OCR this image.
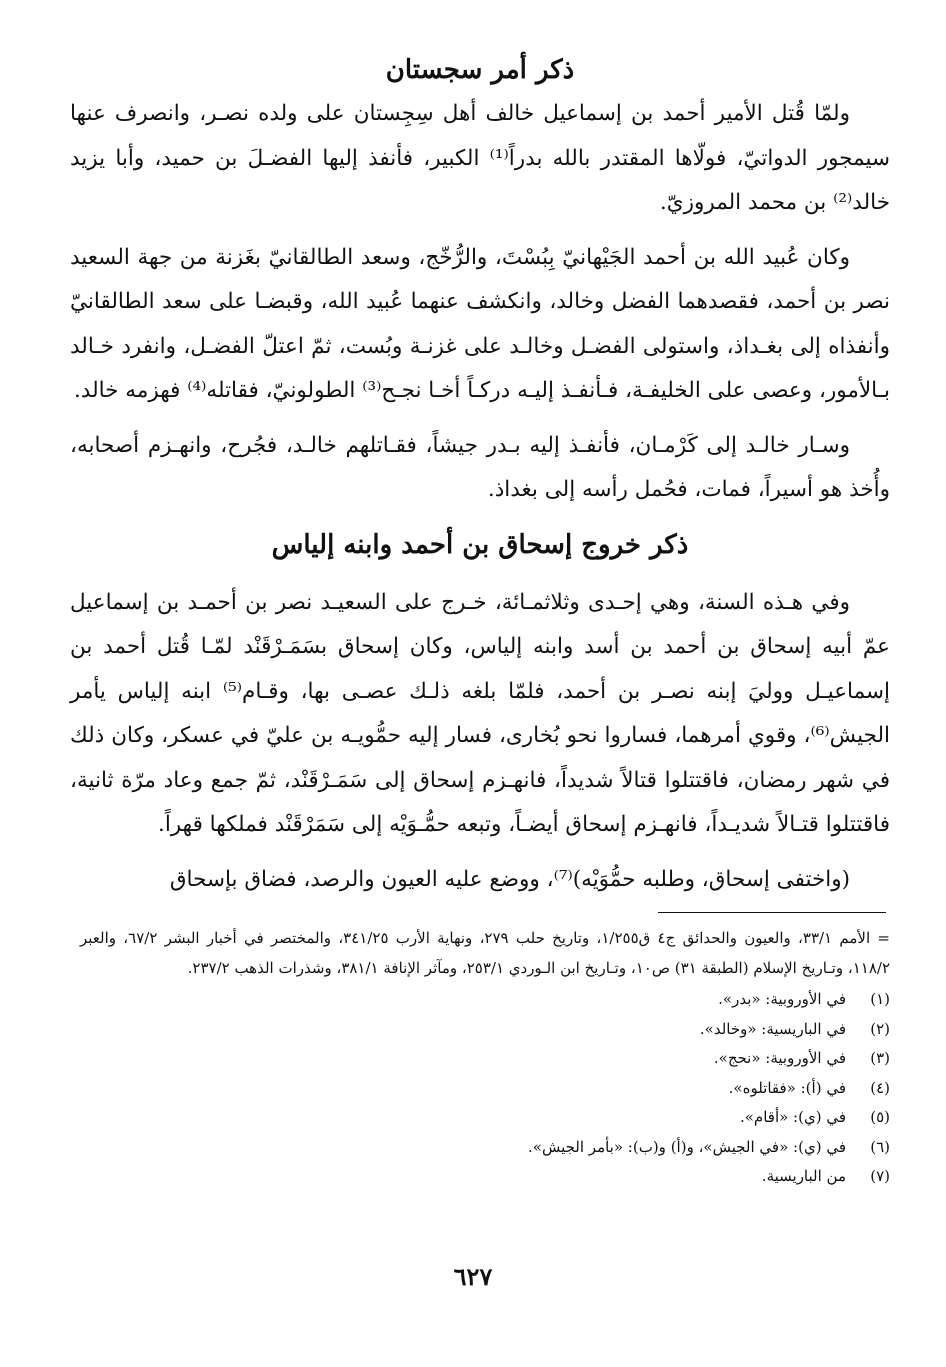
ذكر أمر سجستان

ولمّا قُتل الأمير أحمد بن إسماعيل خالف أهل سِجِستان على ولده نصـر، وانصرف عنها سيمجور الدواتيّ، فولّاها المقتدر بالله بدراً⁽¹⁾ الكبير، فأنفذ إليها الفضـلَ بن حميد، وأبا يزيد خالد⁽²⁾ بن محمد المروزيّ.

وكان عُبيد الله بن أحمد الجَيْهانيّ بِبُسْتَ، والرُّخّج، وسعد الطالقانيّ بغَزنة من جهة السعيد نصر بن أحمد، فقصدهما الفضل وخالد، وانكشف عنهما عُبيد الله، وقبضـا على سعد الطالقانيّ وأنفذاه إلى بغـداذ، واستولى الفضـل وخالـد على غزنـة وبُست، ثمّ اعتلّ الفضـل، وانفرد خـالد بـالأمور، وعصى على الخليفـة، فـأنفـذ إليـه دركـاً أخـا نجـح⁽³⁾ الطولونيّ، فقاتله⁽⁴⁾ فهزمه خالد.

وسـار خالـد إلى كَرْمـان، فأنفـذ إليه بـدر جيشاً، فقـاتلهم خالـد، فجُرح، وانهـزم أصحابه، وأُخذ هو أسيراً، فمات، فحُمل رأسه إلى بغداذ.

ذكر خروج إسحاق بن أحمد وابنه إلياس

وفي هـذه السنة، وهي إحـدى وثلاثمـائة، خـرج على السعيـد نصر بن أحمـد بن إسماعيل عمّ أبيه إسحاق بن أحمد بن أسد وابنه إلياس، وكان إسحاق بسَمَـرْقَنْد لمّـا قُتل أحمد بن إسماعيـل ووليَ إبنه نصـر بن أحمد، فلمّا بلغه ذلـك عصـى بها، وقـام⁽⁵⁾ ابنه إلياس يأمر الجيش⁽⁶⁾، وقوي أمرهما، فساروا نحو بُخارى، فسار إليه حمُّويـه بن عليّ في عسكر، وكان ذلك في شهر رمضان، فاقتتلوا قتالاً شديداً، فانهـزم إسحاق إلى سَمَـرْقَنْد، ثمّ جمع وعاد مرّة ثانية، فاقتتلوا قتـالاً شديـداً، فانهـزم إسحاق أيضـاً، وتبعه حمُّـوَيْه إلى سَمَرْقَنْد فملكها قهراً.

(واختفى إسحاق، وطلبه حمُّوَيْه)⁽⁷⁾، ووضع عليه العيون والرصد، فضاق بإسحاق

= الأمم ٣٣/١، والعيون والحدائق ج٤ ق١/٢٥٥، وتاريخ حلب ٢٧٩، ونهاية الأرب ٣٤١/٢٥، والمختصر في أخبار البشر ٦٧/٢، والعبر ١١٨/٢، وتـاريخ الإسلام (الطبقة ٣١) ص١٠، وتـاريخ ابن الـوردي ٢٥٣/١، ومآثر الإنافة ٣٨١/١، وشذرات الذهب ٢٣٧/٢.

(١)في الأوروبية: «بدر».
(٢)في الباريسية: «وخالد».
(٣)في الأوروبية: «نحج».
(٤)في (أ): «فقاتلوه».
(٥)في (ي): «أقام».
(٦)في (ي): «في الجيش»، و(أ) و(ب): «بأمر الجيش».
(٧)من الباريسية.
٦٢٧
